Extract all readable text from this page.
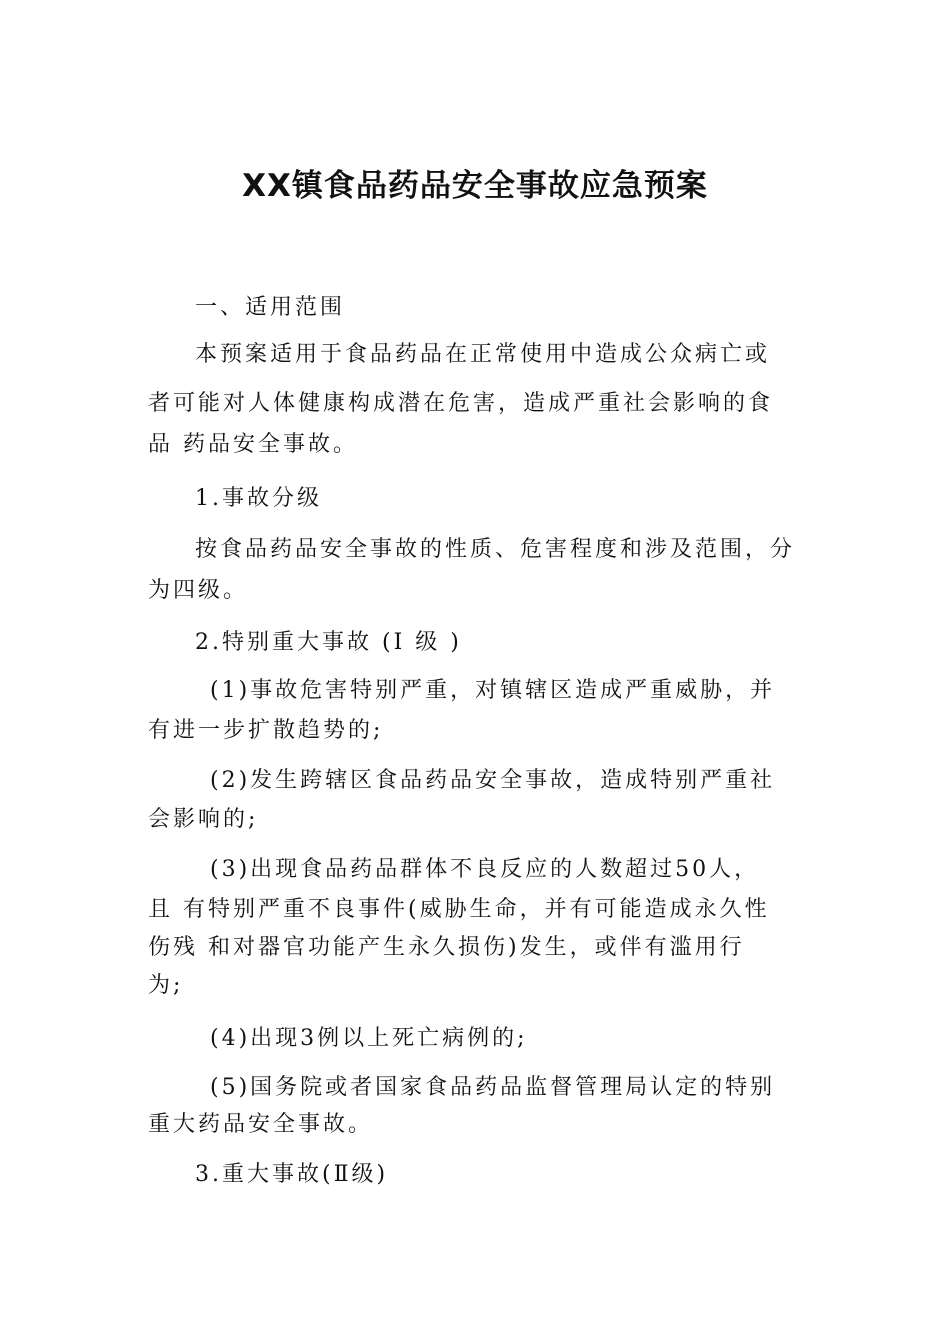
XX镇食品药品安全事故应急预案
一、适用范围
本预案适用于食品药品在正常使用中造成公众病亡或
者可能对人体健康构成潜在危害，造成严重社会影响的食
品 药品安全事故。
1.事故分级
按食品药品安全事故的性质、危害程度和涉及范围，分
为四级。
2.特别重大事故 (I 级 )
(1)事故危害特别严重，对镇辖区造成严重威胁，并
有进一步扩散趋势的;
(2)发生跨辖区食品药品安全事故，造成特别严重社
会影响的;
(3)出现食品药品群体不良反应的人数超过50人，
且 有特别严重不良事件(威胁生命，并有可能造成永久性
伤残 和对器官功能产生永久损伤)发生，或伴有滥用行
为;
(4)出现3例以上死亡病例的;
(5)国务院或者国家食品药品监督管理局认定的特别
重大药品安全事故。
3.重大事故(Ⅱ级)
